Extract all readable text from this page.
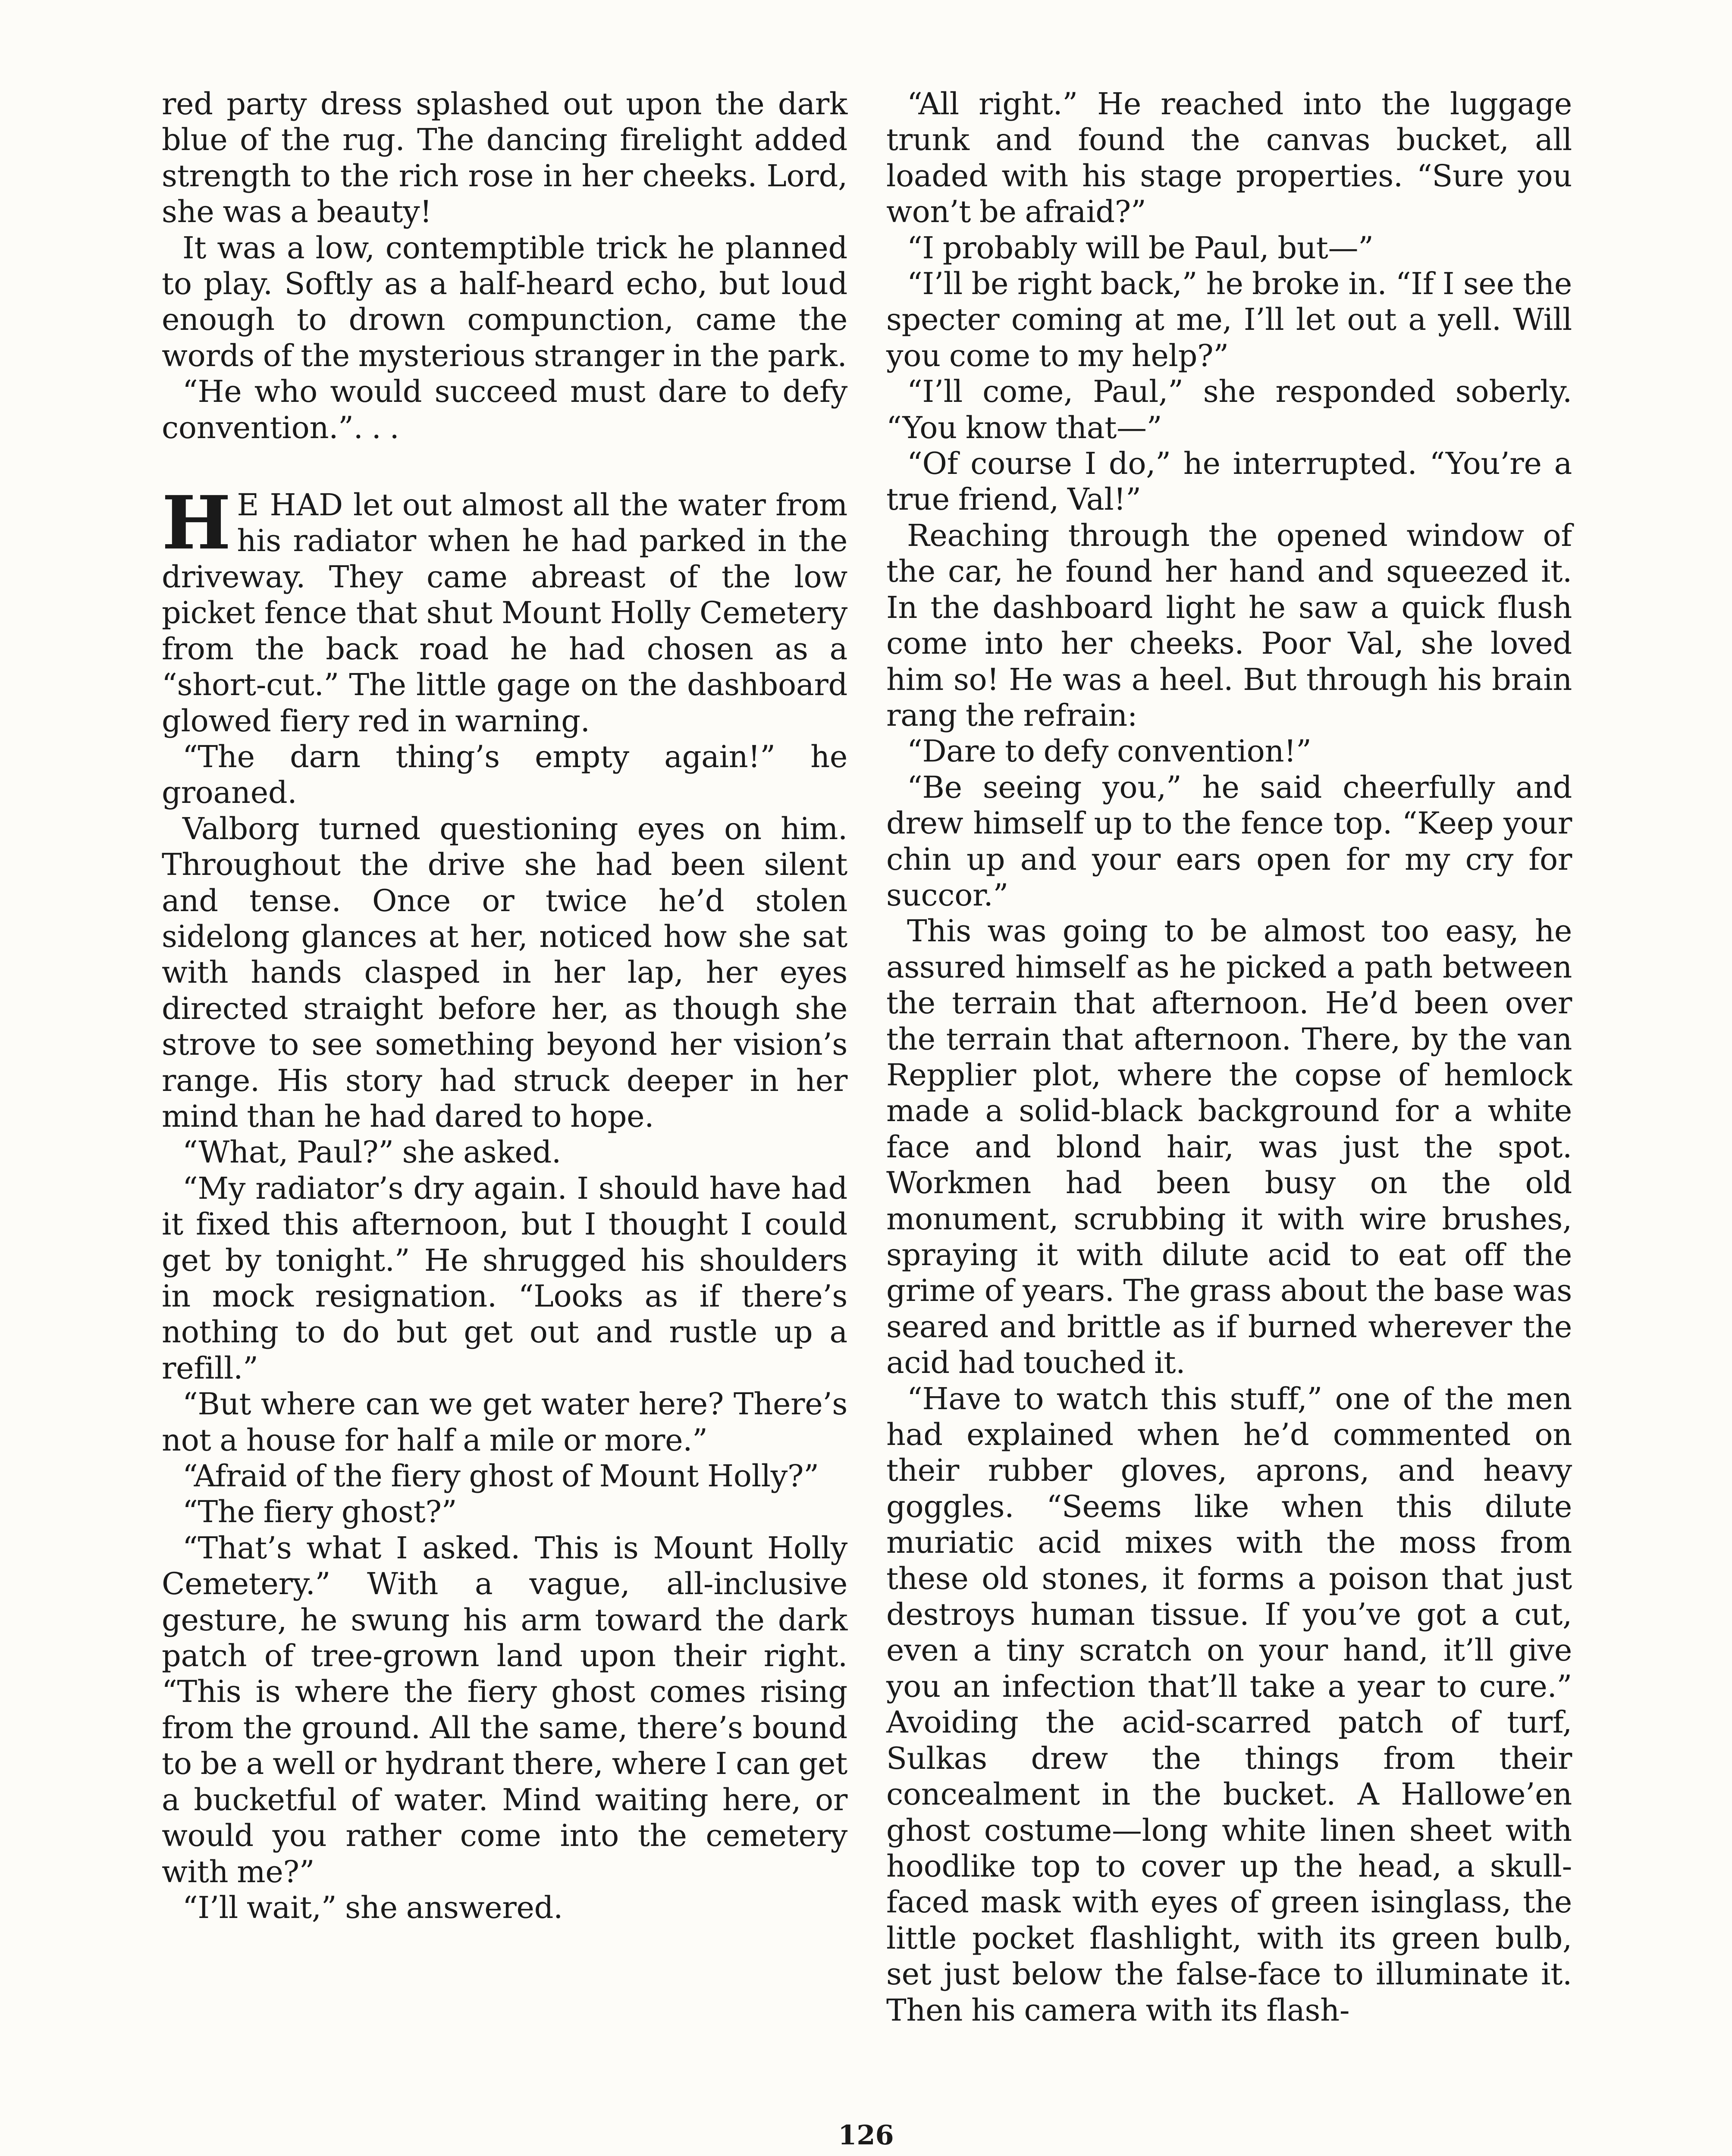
red party dress splashed out upon the dark blue of the rug. The dancing firelight added strength to the rich rose in her cheeks. Lord, she was a beauty!

It was a low, contemptible trick he planned to play. Softly as a half-heard echo, but loud enough to drown compunction, came the words of the mysterious stranger in the park.

“He who would succeed must dare to defy convention.”. . .

H E HAD let out almost all the water from his radiator when he had parked in the driveway. They came abreast of the low picket fence that shut Mount Holly Cemetery from the back road he had chosen as a “short-cut.” The little gage on the dashboard glowed fiery red in warning.

“The darn thing’s empty again!” he groaned.

Valborg turned questioning eyes on him. Throughout the drive she had been silent and tense. Once or twice he’d stolen sidelong glances at her, noticed how she sat with hands clasped in her lap, her eyes directed straight before her, as though she strove to see something beyond her vision’s range. His story had struck deeper in her mind than he had dared to hope.

“What, Paul?” she asked.

“My radiator’s dry again. I should have had it fixed this afternoon, but I thought I could get by tonight.” He shrugged his shoulders in mock resignation. “Looks as if there’s nothing to do but get out and rustle up a refill.”

“But where can we get water here? There’s not a house for half a mile or more.”

“Afraid of the fiery ghost of Mount Holly?”

“The fiery ghost?”

“That’s what I asked. This is Mount Holly Cemetery.” With a vague, all-inclusive gesture, he swung his arm toward the dark patch of tree-grown land upon their right. “This is where the fiery ghost comes rising from the ground. All the same, there’s bound to be a well or hydrant there, where I can get a bucketful of water. Mind waiting here, or would you rather come into the cemetery with me?”

“I’ll wait,” she answered.

“All right.” He reached into the luggage trunk and found the canvas bucket, all loaded with his stage properties. “Sure you won’t be afraid?”

“I probably will be Paul, but—”

“I’ll be right back,” he broke in. “If I see the specter coming at me, I’ll let out a yell. Will you come to my help?”

“I’ll come, Paul,” she responded soberly. “You know that—”

“Of course I do,” he interrupted. “You’re a true friend, Val!”

Reaching through the opened window of the car, he found her hand and squeezed it. In the dashboard light he saw a quick flush come into her cheeks. Poor Val, she loved him so! He was a heel. But through his brain rang the refrain:

“Dare to defy convention!”

“Be seeing you,” he said cheerfully and drew himself up to the fence top. “Keep your chin up and your ears open for my cry for succor.”

This was going to be almost too easy, he assured himself as he picked a path between the terrain that afternoon. He’d been over the terrain that afternoon. There, by the van Repplier plot, where the copse of hemlock made a solid-black background for a white face and blond hair, was just the spot. Workmen had been busy on the old monument, scrubbing it with wire brushes, spraying it with dilute acid to eat off the grime of years. The grass about the base was seared and brittle as if burned wherever the acid had touched it.

“Have to watch this stuff,” one of the men had explained when he’d commented on their rubber gloves, aprons, and heavy goggles. “Seems like when this dilute muriatic acid mixes with the moss from these old stones, it forms a poison that just destroys human tissue. If you’ve got a cut, even a tiny scratch on your hand, it’ll give you an infection that’ll take a year to cure.” Avoiding the acid-scarred patch of turf, Sulkas drew the things from their concealment in the bucket. A Hallowe’en ghost costume—long white linen sheet with hoodlike top to cover up the head, a skull-faced mask with eyes of green isinglass, the little pocket flashlight, with its green bulb, set just below the false-face to illuminate it. Then his camera with its flash-

126
